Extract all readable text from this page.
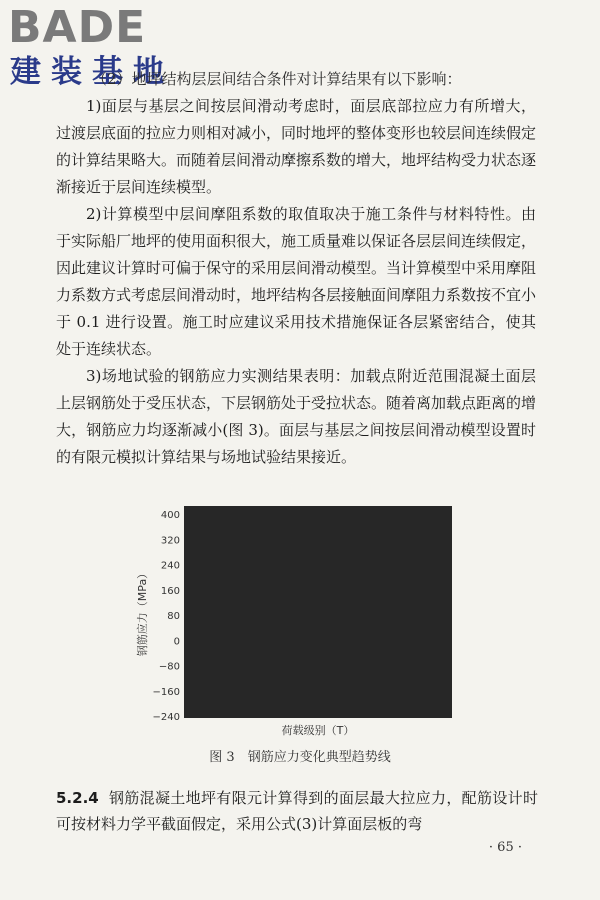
BADE
建装基地
（2）地坪结构层层间结合条件对计算结果有以下影响：

1)面层与基层之间按层间滑动考虑时，面层底部拉应力有所增大，过渡层底面的拉应力则相对减小，同时地坪的整体变形也较层间连续假定的计算结果略大。而随着层间滑动摩擦系数的增大，地坪结构受力状态逐渐接近于层间连续模型。

2)计算模型中层间摩阻系数的取值取决于施工条件与材料特性。由于实际船厂地坪的使用面积很大，施工质量难以保证各层层间连续假定，因此建议计算时可偏于保守的采用层间滑动模型。当计算模型中采用摩阻力系数方式考虑层间滑动时，地坪结构各层接触面间摩阻力系数按不宜小于 0.1 进行设置。施工时应建议采用技术措施保证各层紧密结合，使其处于连续状态。

3)场地试验的钢筋应力实测结果表明：加载点附近范围混凝土面层上层钢筋处于受压状态，下层钢筋处于受拉状态。随着离加载点距离的增大，钢筋应力均逐渐减小(图 3)。面层与基层之间按层间滑动模型设置时的有限元模拟计算结果与场地试验结果接近。

400
320
240
160
80
0
−80
−160
−240
钢筋应力（MPa）
荷载级别（T）
图 3　钢筋应力变化典型趋势线
5.2.4 钢筋混凝土地坪有限元计算得到的面层最大拉应力，配筋设计时可按材料力学平截面假定，采用公式(3)计算面层板的弯
· 65 ·
